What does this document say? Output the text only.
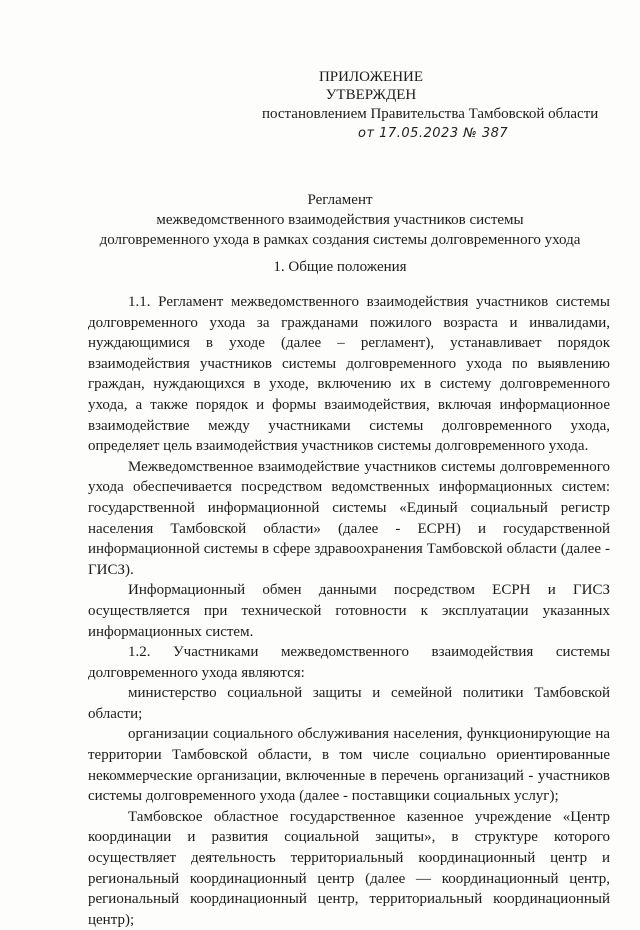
ПРИЛОЖЕНИЕ
УТВЕРЖДЕН
постановлением Правительства Тамбовской области
от 17.05.2023 № 387
Регламент
межведомственного взаимодействия участников системы
долговременного ухода в рамках создания системы долговременного ухода
1. Общие положения

1.1. Регламент межведомственного взаимодействия участников системы долговременного ухода за гражданами пожилого возраста и инвалидами, нуждающимися в уходе (далее – регламент), устанавливает порядок взаимодействия участников системы долговременного ухода по выявлению граждан, нуждающихся в уходе, включению их в систему долговременного ухода, а также порядок и формы взаимодействия, включая информационное взаимодействие между участниками системы долговременного ухода, определяет цель взаимодействия участников системы долговременного ухода.

Межведомственное взаимодействие участников системы долговременного ухода обеспечивается посредством ведомственных информационных систем: государственной информационной системы «Единый социальный регистр населения Тамбовской области» (далее - ЕСРН) и государственной информационной системы в сфере здравоохранения Тамбовской области (далее - ГИСЗ).

Информационный обмен данными посредством ЕСРН и ГИСЗ осуществляется при технической готовности к эксплуатации указанных информационных систем.

1.2. Участниками межведомственного взаимодействия системы долговременного ухода являются:

министерство социальной защиты и семейной политики Тамбовской области;

организации социального обслуживания населения, функционирующие на территории Тамбовской области, в том числе социально ориентированные некоммерческие организации, включенные в перечень организаций - участников системы долговременного ухода (далее - поставщики социальных услуг);

Тамбовское областное государственное казенное учреждение «Центр координации и развития социальной защиты», в структуре которого осуществляет деятельность территориальный координационный центр и региональный координационный центр (далее — координационный центр, региональный координационный центр, территориальный координационный центр);
